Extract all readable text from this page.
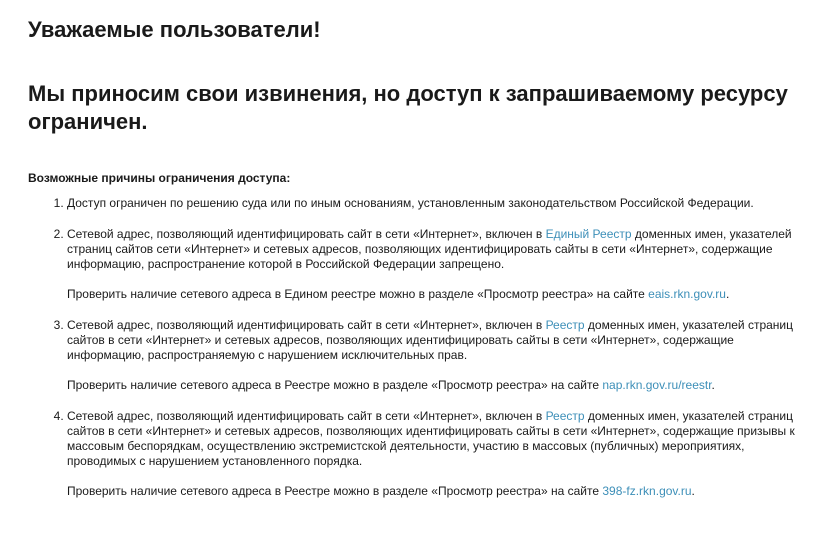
Уважаемые пользователи!
Мы приносим свои извинения, но доступ к запрашиваемому ресурсу ограничен.
Возможные причины ограничения доступа:

1. Доступ ограничен по решению суда или по иным основаниям, установленным законодательством Российской Федерации.

2. Сетевой адрес, позволяющий идентифицировать сайт в сети «Интернет», включен в Единый Реестр доменных имен, указателей страниц сайтов сети «Интернет» и сетевых адресов, позволяющих идентифицировать сайты в сети «Интернет», содержащие информацию, распространение которой в Российской Федерации запрещено.

Проверить наличие сетевого адреса в Едином реестре можно в разделе «Просмотр реестра» на сайте eais.rkn.gov.ru.

3. Сетевой адрес, позволяющий идентифицировать сайт в сети «Интернет», включен в Реестр доменных имен, указателей страниц сайтов в сети «Интернет» и сетевых адресов, позволяющих идентифицировать сайты в сети «Интернет», содержащие информацию, распространяемую с нарушением исключительных прав.

Проверить наличие сетевого адреса в Реестре можно в разделе «Просмотр реестра» на сайте nap.rkn.gov.ru/reestr.

4. Сетевой адрес, позволяющий идентифицировать сайт в сети «Интернет», включен в Реестр доменных имен, указателей страниц сайтов в сети «Интернет» и сетевых адресов, позволяющих идентифицировать сайты в сети «Интернет», содержащие призывы к массовым беспорядкам, осуществлению экстремистской деятельности, участию в массовых (публичных) мероприятиях, проводимых с нарушением установленного порядка.

Проверить наличие сетевого адреса в Реестре можно в разделе «Просмотр реестра» на сайте 398-fz.rkn.gov.ru.
